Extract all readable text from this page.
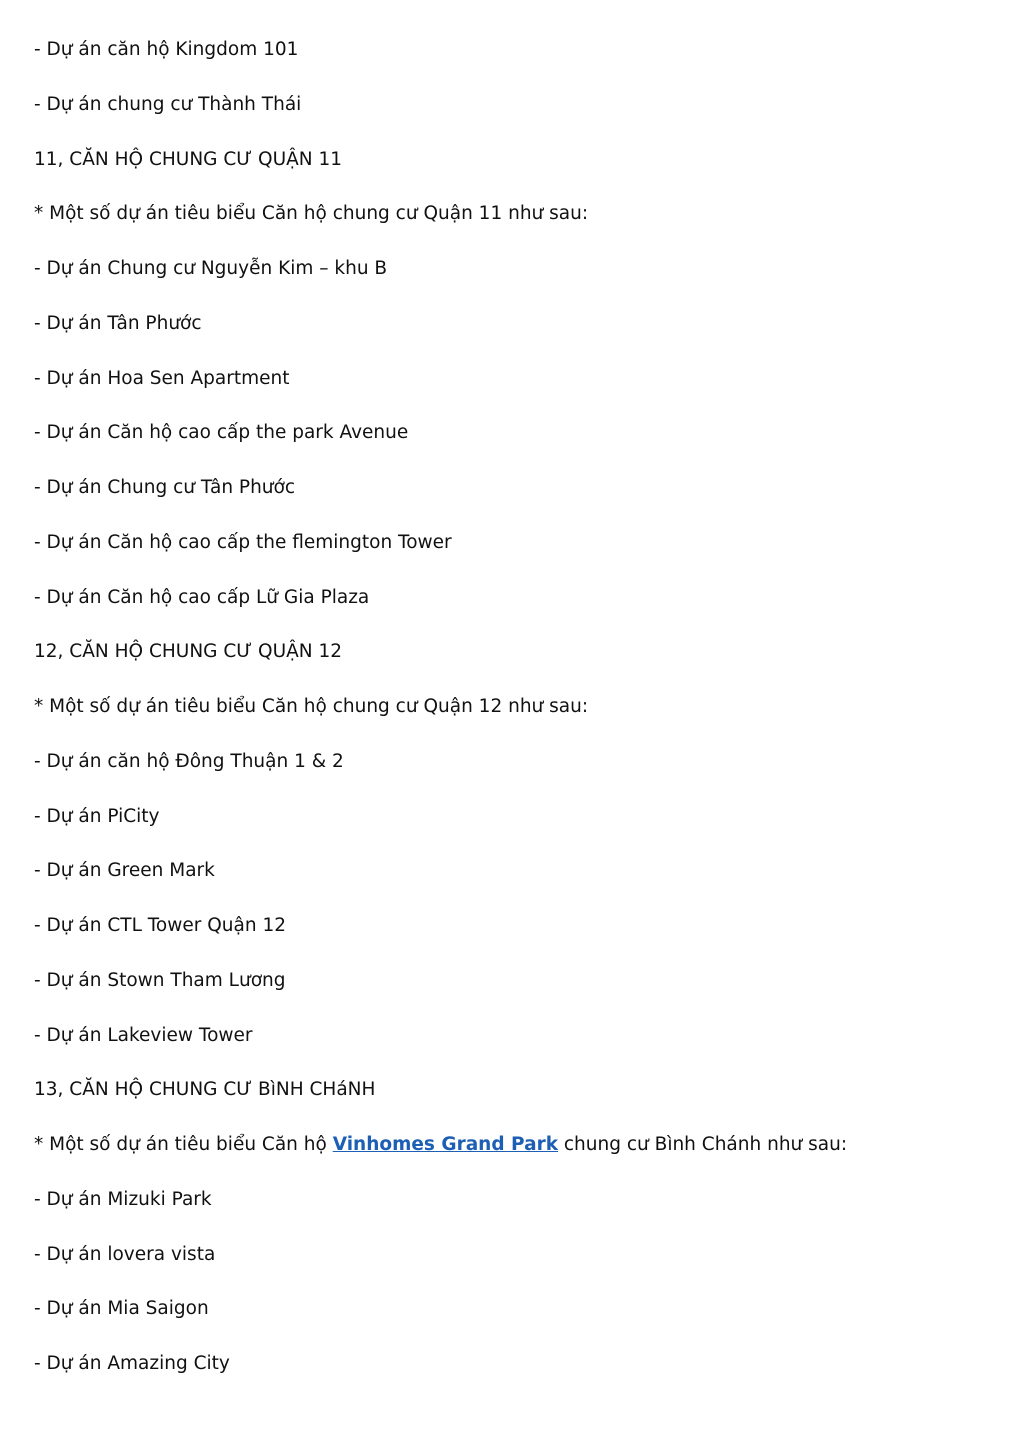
- Dự án căn hộ Kingdom 101
- Dự án chung cư Thành Thái
11, CĂN HỘ CHUNG CƯ QUẬN 11
* Một số dự án tiêu biểu Căn hộ chung cư Quận 11 như sau:
- Dự án Chung cư Nguyễn Kim – khu B
- Dự án Tân Phước
- Dự án Hoa Sen Apartment
- Dự án Căn hộ cao cấp the park Avenue
- Dự án Chung cư Tân Phước
- Dự án Căn hộ cao cấp the flemington Tower
- Dự án Căn hộ cao cấp Lữ Gia Plaza
12, CĂN HỘ CHUNG CƯ QUẬN 12
* Một số dự án tiêu biểu Căn hộ chung cư Quận 12 như sau:
- Dự án căn hộ Đông Thuận 1 & 2
- Dự án PiCity
- Dự án Green Mark
- Dự án CTL Tower Quận 12
- Dự án Stown Tham Lương
- Dự án Lakeview Tower
13, CĂN HỘ CHUNG CƯ BìNH CHáNH
* Một số dự án tiêu biểu Căn hộ Vinhomes Grand Park chung cư Bình Chánh như sau:
- Dự án Mizuki Park
- Dự án lovera vista
- Dự án Mia Saigon
- Dự án Amazing City
